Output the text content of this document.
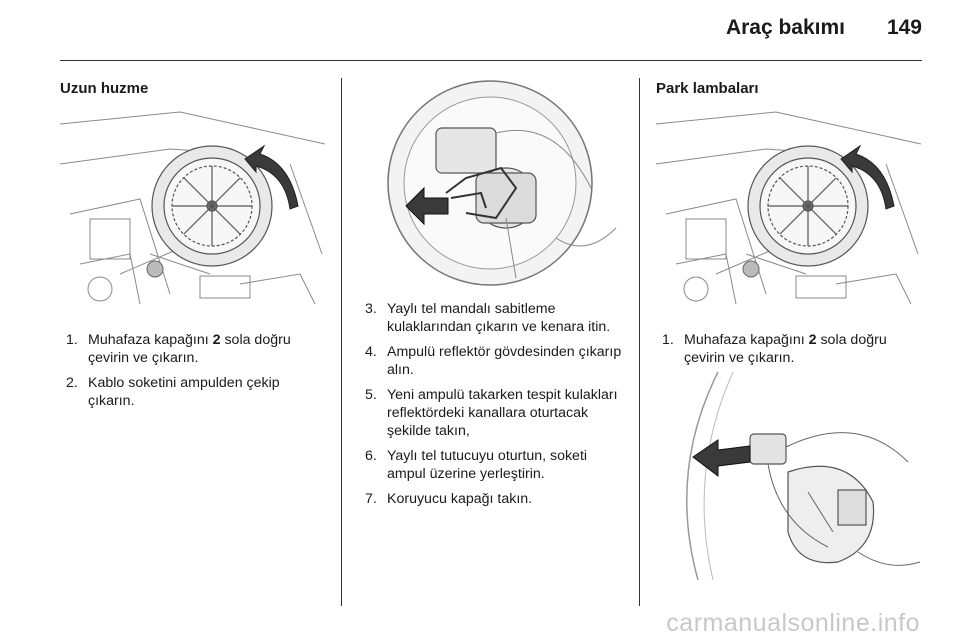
Araç bakımı 149
Uzun huzme
1. Muhafaza kapağını 2 sola doğru çevirin ve çıkarın.
2. Kablo soketini ampulden çekip çıkarın.
3. Yaylı tel mandalı sabitleme kulaklarından çıkarın ve kenara itin.
4. Ampulü reflektör gövdesinden çıkarıp alın.
5. Yeni ampulü takarken tespit kulakları reflektördeki kanallara oturtacak şekilde takın,
6. Yaylı tel tutucuyu oturtun, soketi ampul üzerine yerleştirin.
7. Koruyucu kapağı takın.
Park lambaları
1. Muhafaza kapağını 2 sola doğru çevirin ve çıkarın.
carmanualsonline.info
